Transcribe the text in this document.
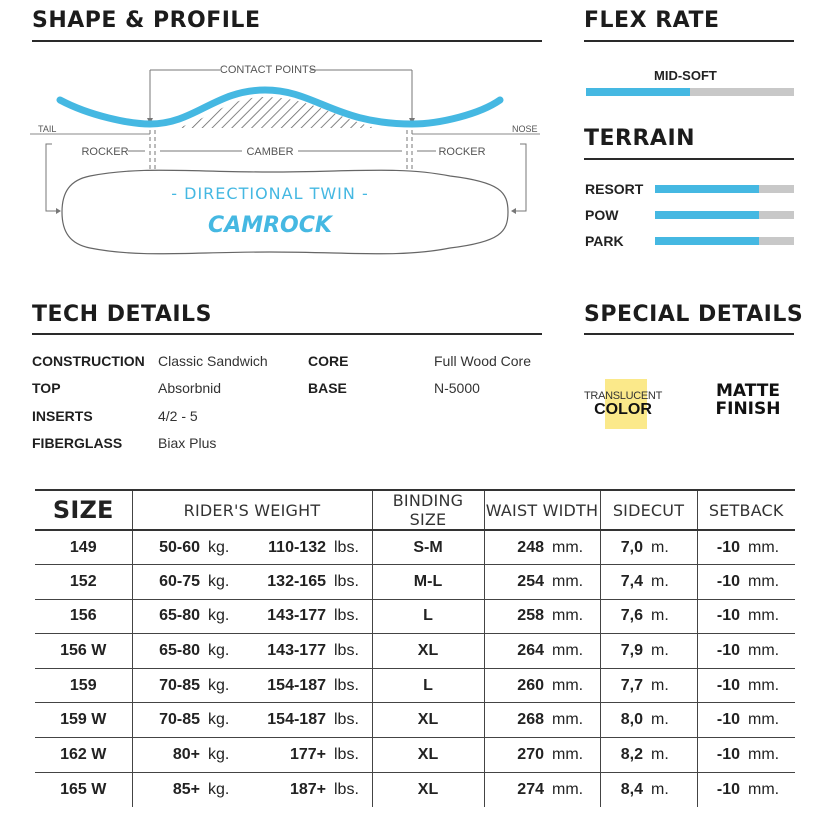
SHAPE & PROFILE
CONTACT POINTS
TAIL	NOSE
ROCKER	CAMBER	ROCKER
- DIRECTIONAL TWIN -
CAMROCK
FLEX RATE
MID-SOFT
TERRAIN
RESORT
POW
PARK
TECH DETAILS
CONSTRUCTION Classic Sandwich
TOP	Absorbnid
INSERTS	4/2 - 5
FIBERGLASS	Biax Plus
CORE	Full Wood Core
BASE	N-5000
SPECIAL DETAILS
TRANSLUCENT
COLOR
MATTE
FINISH
SIZE	RIDER'S WEIGHT				BINDING SIZE	WAIST WIDTH		SIDECUT		SETBACK	
149	50-60	kg.	110-132	lbs.	S-M	248	mm.	7,0	m.	-10	mm.
152	60-75	kg.	132-165	lbs.	M-L	254	mm.	7,4	m.	-10	mm.
156	65-80	kg.	143-177	lbs.	L	258	mm.	7,6	m.	-10	mm.
156 W	65-80	kg.	143-177	lbs.	XL	264	mm.	7,9	m.	-10	mm.
159	70-85	kg.	154-187	lbs.	L	260	mm.	7,7	m.	-10	mm.
159 W	70-85	kg.	154-187	lbs.	XL	268	mm.	8,0	m.	-10	mm.
162 W	80+	kg.	177+	lbs.	XL	270	mm.	8,2	m.	-10	mm.
165 W	85+	kg.	187+	lbs.	XL	274	mm.	8,4	m.	-10	mm.
